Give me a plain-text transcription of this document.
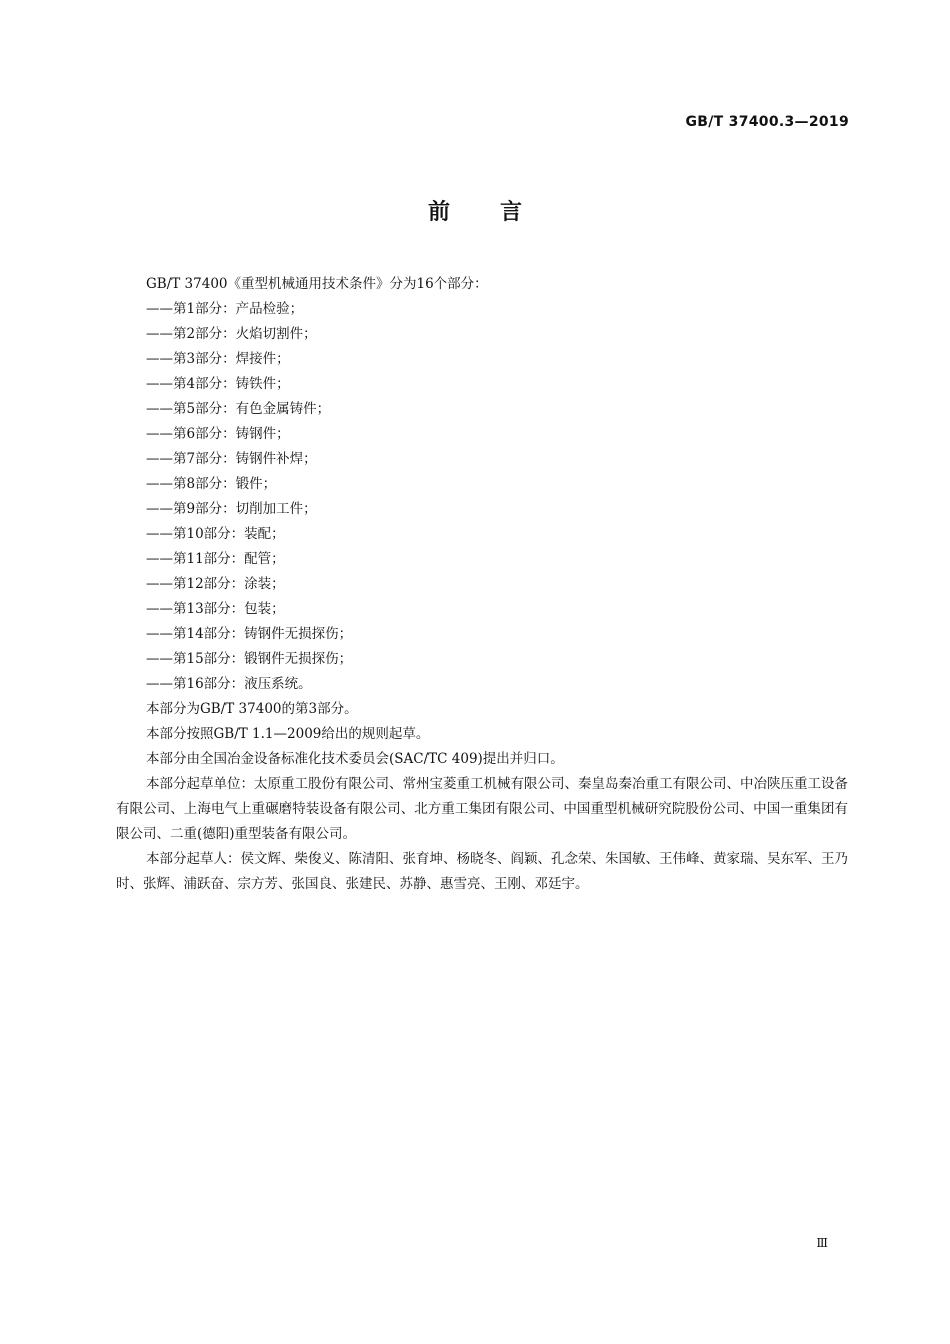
GB/T 37400.3—2019
前言
GB/T 37400《重型机械通用技术条件》分为16个部分：
——第1部分：产品检验；
——第2部分：火焰切割件；
——第3部分：焊接件；
——第4部分：铸铁件；
——第5部分：有色金属铸件；
——第6部分：铸钢件；
——第7部分：铸钢件补焊；
——第8部分：锻件；
——第9部分：切削加工件；
——第10部分：装配；
——第11部分：配管；
——第12部分：涂装；
——第13部分：包装；
——第14部分：铸钢件无损探伤；
——第15部分：锻钢件无损探伤；
——第16部分：液压系统。
本部分为GB/T 37400的第3部分。
本部分按照GB/T 1.1—2009给出的规则起草。
本部分由全国冶金设备标准化技术委员会(SAC/TC 409)提出并归口。
本部分起草单位：太原重工股份有限公司、常州宝菱重工机械有限公司、秦皇岛秦冶重工有限公司、中冶陕压重工设备有限公司、上海电气上重碾磨特装设备有限公司、北方重工集团有限公司、中国重型机械研究院股份公司、中国一重集团有限公司、二重(德阳)重型装备有限公司。
本部分起草人：侯文辉、柴俊义、陈清阳、张育坤、杨晓冬、阎颖、孔念荣、朱国敏、王伟峰、黄家瑞、吴东军、王乃时、张辉、浦跃奋、宗方芳、张国良、张建民、苏静、惠雪亮、王刚、邓廷宇。
Ⅲ
